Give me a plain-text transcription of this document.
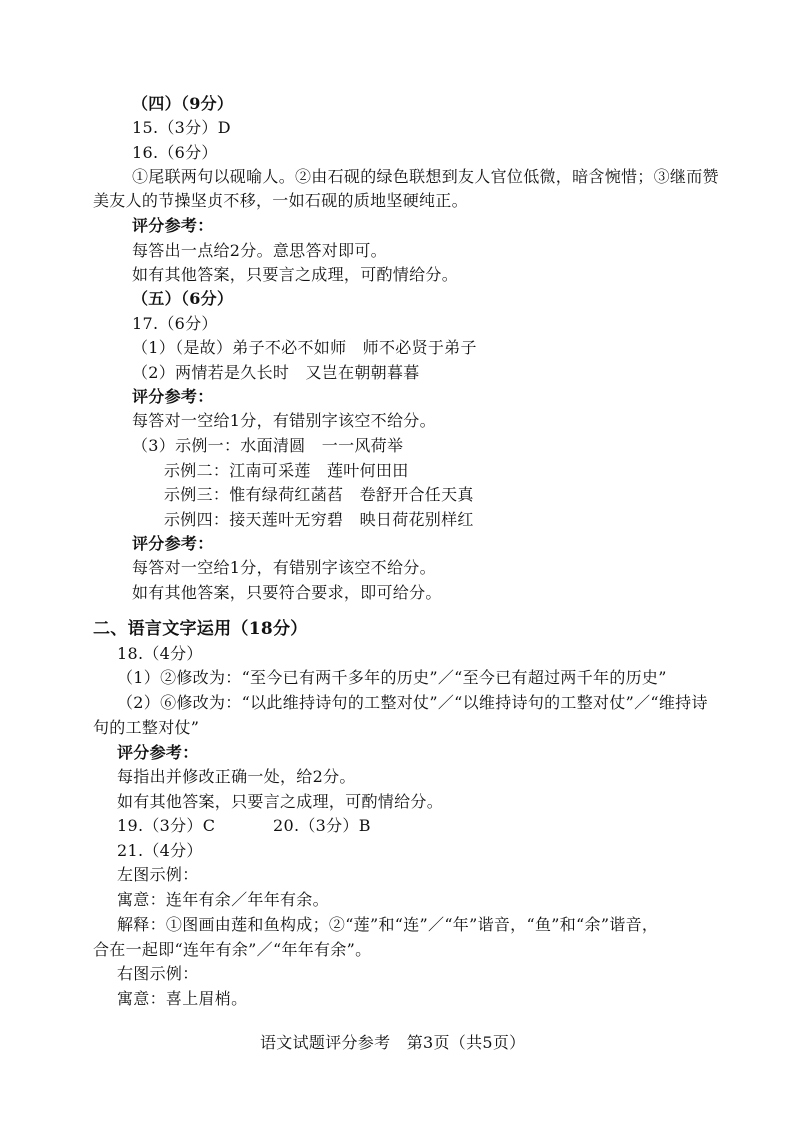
（四）（9分）
15.（3分）D
16.（6分）
①尾联两句以砚喻人。②由石砚的绿色联想到友人官位低微，暗含惋惜；③继而赞
美友人的节操坚贞不移，一如石砚的质地坚硬纯正。
评分参考：
每答出一点给2分。意思答对即可。
如有其他答案，只要言之成理，可酌情给分。
（五）（6分）
17.（6分）
（1）（是故）弟子不必不如师　师不必贤于弟子
（2）两情若是久长时　又岂在朝朝暮暮
评分参考：
每答对一空给1分，有错别字该空不给分。
（3）示例一：水面清圆　一一风荷举
示例二：江南可采莲　莲叶何田田
示例三：惟有绿荷红菡萏　卷舒开合任天真
示例四：接天莲叶无穷碧　映日荷花别样红
评分参考：
每答对一空给1分，有错别字该空不给分。
如有其他答案，只要符合要求，即可给分。
二、语言文字运用（18分）
18.（4分）
（1）②修改为：“至今已有两千多年的历史”／“至今已有超过两千年的历史”
（2）⑥修改为：“以此维持诗句的工整对仗”／“以维持诗句的工整对仗”／“维持诗
句的工整对仗”
评分参考：
每指出并修改正确一处，给2分。
如有其他答案，只要言之成理，可酌情给分。
19.（3分）C	20.（3分）B
21.（4分）
左图示例：
寓意：连年有余／年年有余。
解释：①图画由莲和鱼构成；②“莲”和“连”／“年”谐音，“鱼”和“余”谐音，
合在一起即“连年有余”／“年年有余”。
右图示例：
寓意：喜上眉梢。
语文试题评分参考　第3页（共5页）
